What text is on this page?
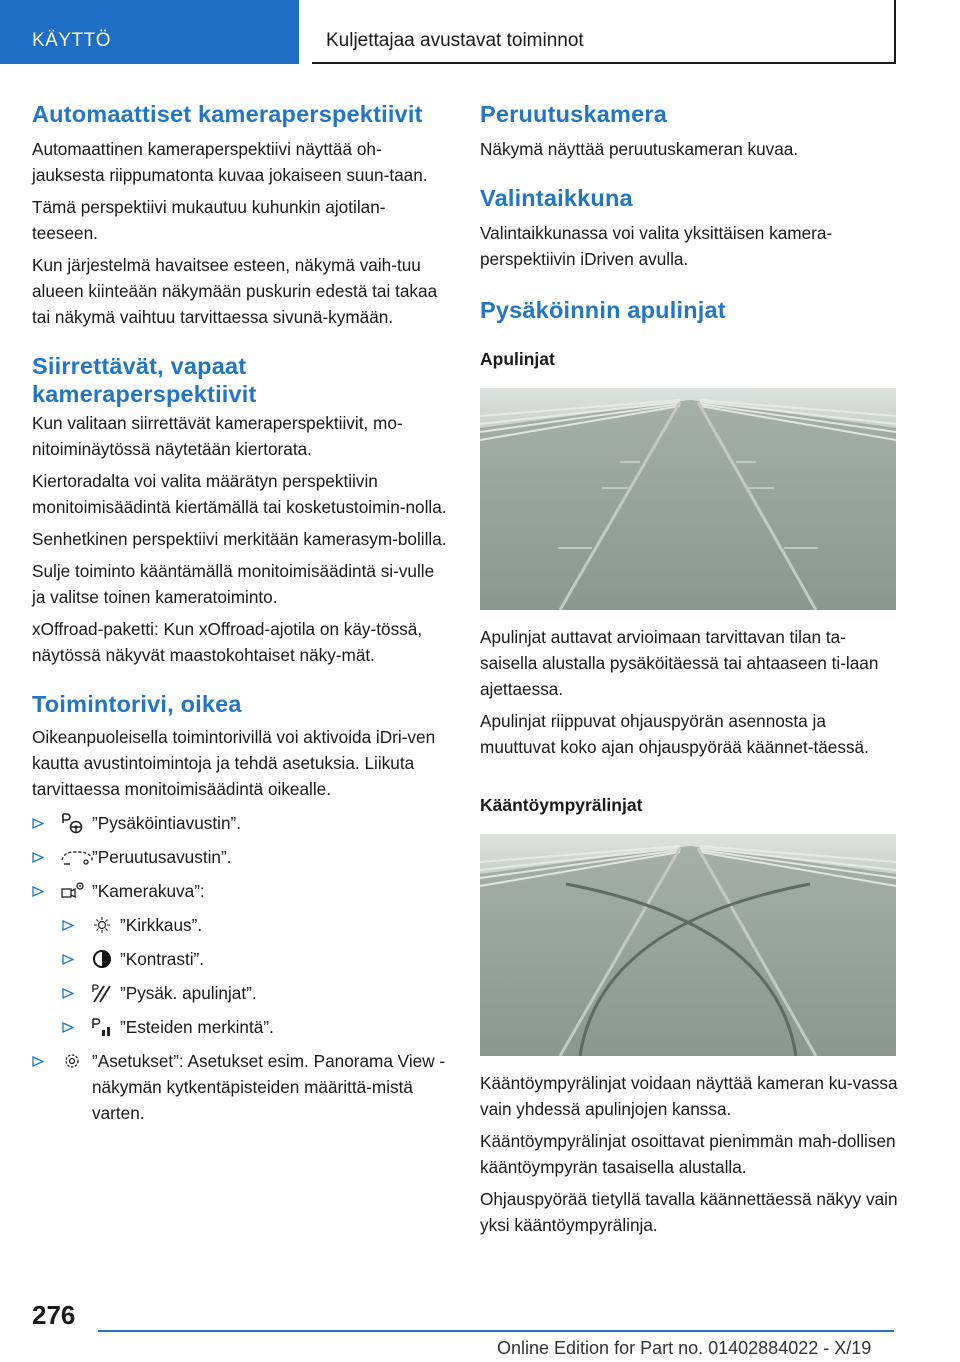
KÄYTTÖ	Kuljettajaa avustavat toiminnot
Automaattiset kameraperspektiivit
Automaattinen kameraperspektiivi näyttää oh‐jauksesta riippumatonta kuvaa jokaiseen suun‐taan.
Tämä perspektiivi mukautuu kuhunkin ajotilan‐teeseen.
Kun järjestelmä havaitsee esteen, näkymä vaih‐tuu alueen kiinteään näkymään puskurin edestä tai takaa tai näkymä vaihtuu tarvittaessa sivunä‐kymään.
Siirrettävät, vapaat
kameraperspektiivit
Kun valitaan siirrettävät kameraperspektiivit, mo‐nitoiminäytössä näytetään kiertorata.
Kiertoradalta voi valita määrätyn perspektiivin monitoimisäädintä kiertämällä tai kosketustoimin‐nolla.
Senhetkinen perspektiivi merkitään kamerasym‐bolilla.
Sulje toiminto kääntämällä monitoimisäädintä si‐vulle ja valitse toinen kameratoiminto.
xOffroad-paketti: Kun xOffroad-ajotila on käy‐tössä, näytössä näkyvät maastokohtaiset näky‐mät.
Toimintorivi, oikea
Oikeanpuoleisella toimintorivillä voi aktivoida iDri‐ven kautta avustintoimintoja ja tehdä asetuksia. Liikuta tarvittaessa monitoimisäädintä oikealle.
”Pysäköintiavustin”.
”Peruutusavustin”.
”Kamerakuva”:
”Kirkkaus”.
”Kontrasti”.
”Pysäk. apulinjat”.
”Esteiden merkintä”.
”Asetukset”: Asetukset esim. Panorama View -näkymän kytkentäpisteiden määrittä‐mistä varten.
Peruutuskamera
Näkymä näyttää peruutuskameran kuvaa.
Valintaikkuna
Valintaikkunassa voi valita yksittäisen kamera‐perspektiivin iDriven avulla.
Pysäköinnin apulinjat
Apulinjat
Apulinjat auttavat arvioimaan tarvittavan tilan ta‐saisella alustalla pysäköitäessä tai ahtaaseen ti‐laan ajettaessa.
Apulinjat riippuvat ohjauspyörän asennosta ja muuttuvat koko ajan ohjauspyörää käännet‐täessä.
Kääntöympyrälinjat
Kääntöympyrälinjat voidaan näyttää kameran ku‐vassa vain yhdessä apulinjojen kanssa.
Kääntöympyrälinjat osoittavat pienimmän mah‐dollisen kääntöympyrän tasaisella alustalla.
Ohjauspyörää tietyllä tavalla käännettäessä näkyy vain yksi kääntöympyrälinja.
276
Online Edition for Part no. 01402884022 - X/19
